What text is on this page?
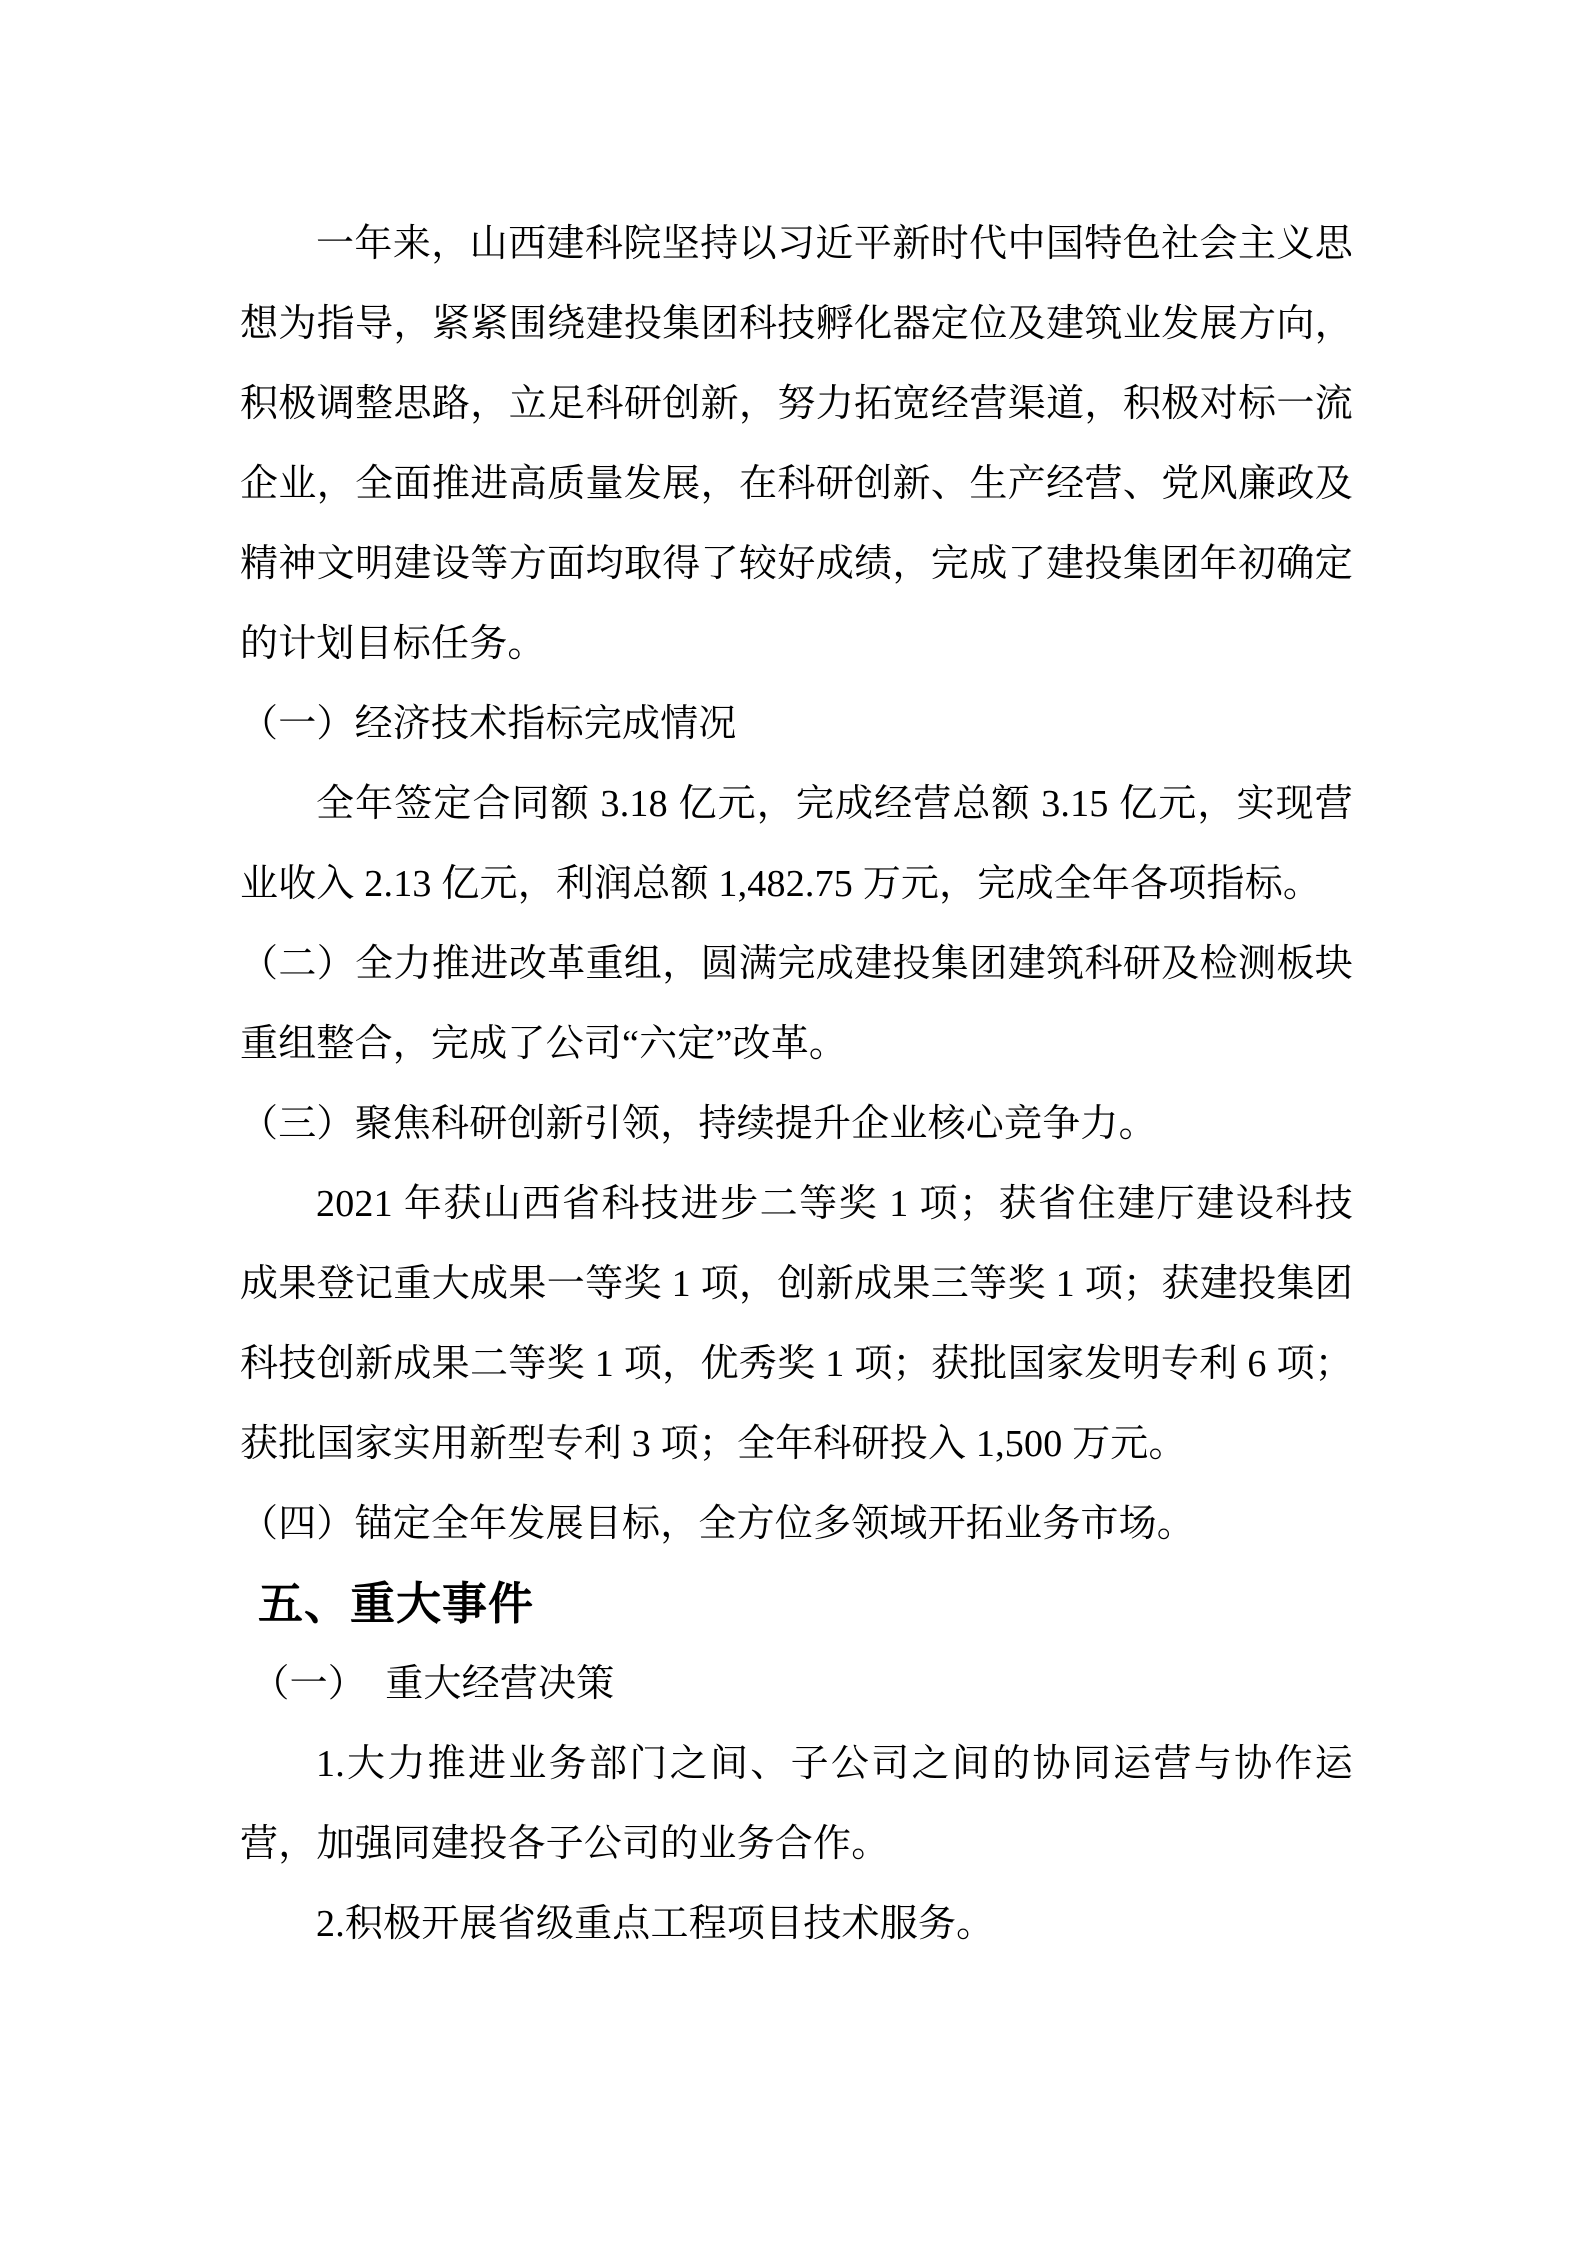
一年来，山西建科院坚持以习近平新时代中国特色社会主义思想为指导，紧紧围绕建投集团科技孵化器定位及建筑业发展方向，积极调整思路，立足科研创新，努力拓宽经营渠道，积极对标一流企业，全面推进高质量发展，在科研创新、生产经营、党风廉政及精神文明建设等方面均取得了较好成绩，完成了建投集团年初确定的计划目标任务。

（一）经济技术指标完成情况

全年签定合同额 3.18 亿元，完成经营总额 3.15 亿元，实现营业收入 2.13 亿元，利润总额 1,482.75 万元，完成全年各项指标。

（二）全力推进改革重组，圆满完成建投集团建筑科研及检测板块重组整合，完成了公司“六定”改革。

（三）聚焦科研创新引领，持续提升企业核心竞争力。

2021 年获山西省科技进步二等奖 1 项；获省住建厅建设科技成果登记重大成果一等奖 1 项，创新成果三等奖 1 项；获建投集团科技创新成果二等奖 1 项，优秀奖 1 项；获批国家发明专利 6 项；获批国家实用新型专利 3 项；全年科研投入 1,500 万元。

（四）锚定全年发展目标，全方位多领域开拓业务市场。

五、重大事件

（一） 重大经营决策

1.大力推进业务部门之间、子公司之间的协同运营与协作运营，加强同建投各子公司的业务合作。

2.积极开展省级重点工程项目技术服务。
